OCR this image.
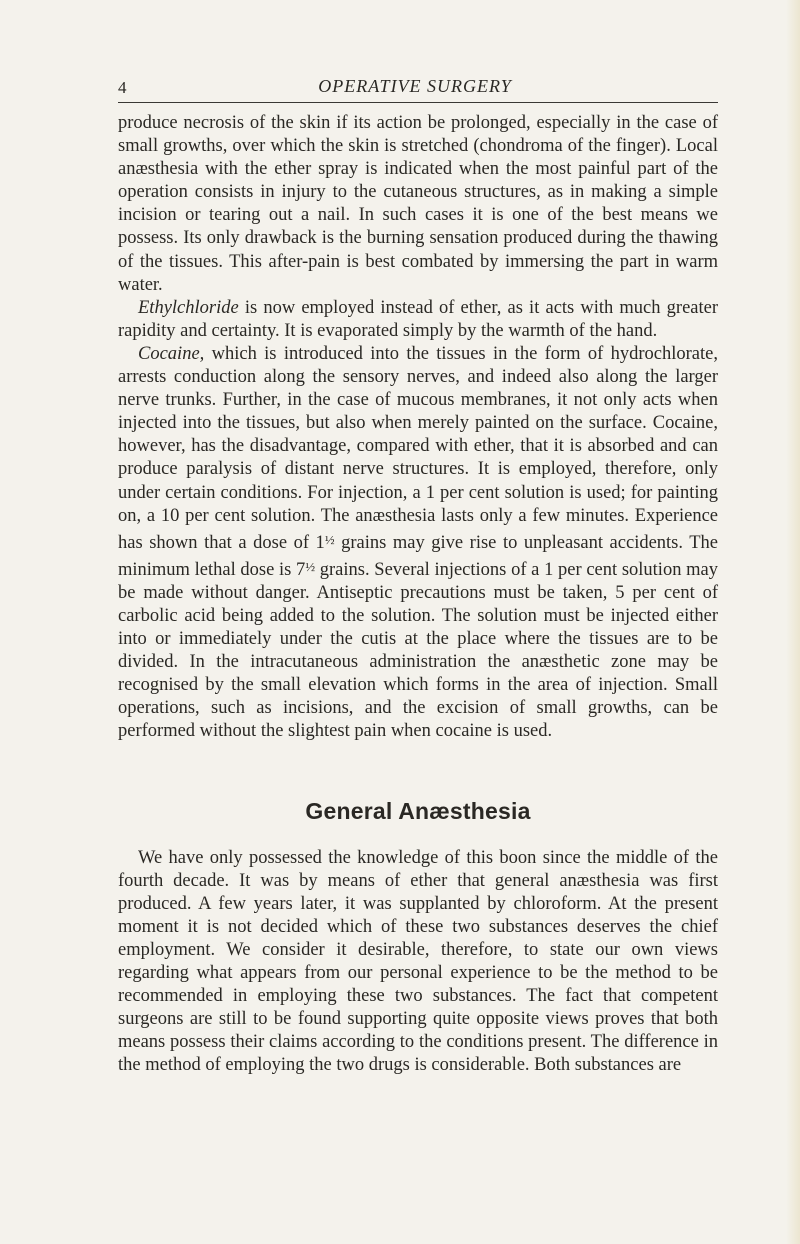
4	OPERATIVE SURGERY

produce necrosis of the skin if its action be prolonged, especially in the case of small growths, over which the skin is stretched (chondroma of the finger). Local anæsthesia with the ether spray is indicated when the most painful part of the operation consists in injury to the cutaneous structures, as in making a simple incision or tearing out a nail. In such cases it is one of the best means we possess. Its only drawback is the burning sensation produced during the thawing of the tissues. This after-pain is best combated by immersing the part in warm water.

Ethylchloride is now employed instead of ether, as it acts with much greater rapidity and certainty. It is evaporated simply by the warmth of the hand.

Cocaine, which is introduced into the tissues in the form of hydrochlorate, arrests conduction along the sensory nerves, and indeed also along the larger nerve trunks. Further, in the case of mucous membranes, it not only acts when injected into the tissues, but also when merely painted on the surface. Cocaine, however, has the disadvantage, compared with ether, that it is absorbed and can produce paralysis of distant nerve structures. It is employed, therefore, only under certain conditions. For injection, a 1 per cent solution is used; for painting on, a 10 per cent solution. The anæsthesia lasts only a few minutes. Experience has shown that a dose of $1^{\frac{1}{2}}$ grains may give rise to unpleasant accidents. The minimum lethal dose is $7^{\frac{1}{2}}$ grains. Several injections of a 1 per cent solution may be made without danger. Antiseptic precautions must be taken, 5 per cent of carbolic acid being added to the solution. The solution must be injected either into or immediately under the cutis at the place where the tissues are to be divided. In the intracutaneous administration the anæsthetic zone may be recognised by the small elevation which forms in the area of injection. Small operations, such as incisions, and the excision of small growths, can be performed without the slightest pain when cocaine is used.

General Anæsthesia

We have only possessed the knowledge of this boon since the middle of the fourth decade. It was by means of ether that general anæsthesia was first produced. A few years later, it was supplanted by chloroform. At the present moment it is not decided which of these two substances deserves the chief employment. We consider it desirable, therefore, to state our own views regarding what appears from our personal experience to be the method to be recommended in employing these two substances. The fact that competent surgeons are still to be found supporting quite opposite views proves that both means possess their claims according to the conditions present. The difference in the method of employing the two drugs is considerable. Both substances are
